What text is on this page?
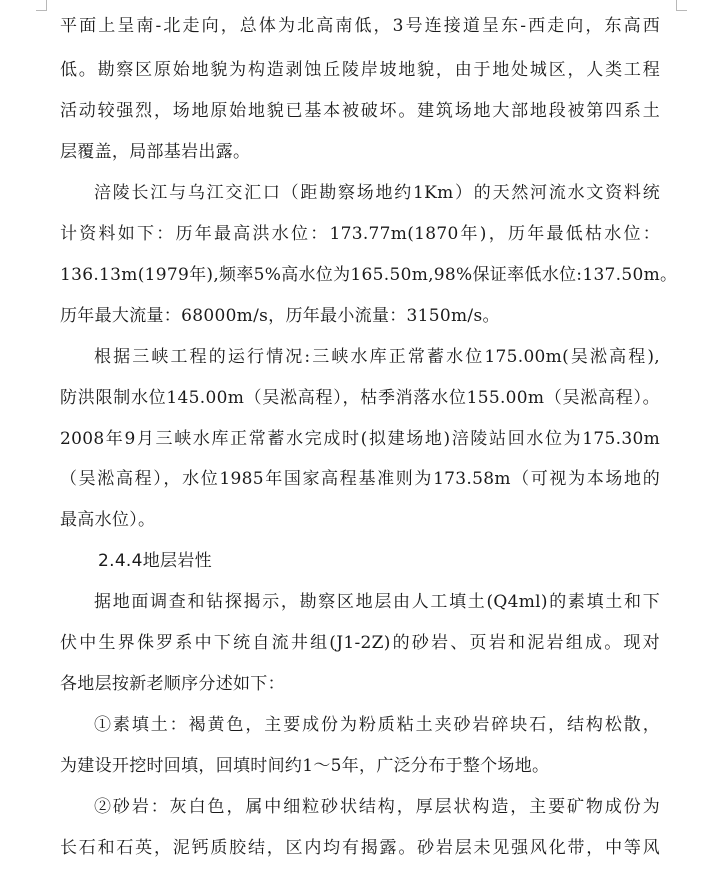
平面上呈南-北走向，总体为北高南低，3号连接道呈东-西走向，东高西
低。勘察区原始地貌为构造剥蚀丘陵岸坡地貌，由于地处城区，人类工程
活动较强烈，场地原始地貌已基本被破坏。建筑场地大部地段被第四系土
层覆盖，局部基岩出露。
涪陵长江与乌江交汇口（距勘察场地约1Km）的天然河流水文资料统
计资料如下：历年最高洪水位：173.77m(1870年)，历年最低枯水位：
136.13m(1979年),频率5%高水位为165.50m,98%保证率低水位:137.50m。
历年最大流量：68000m/s，历年最小流量：3150m/s。
根据三峡工程的运行情况:三峡水库正常蓄水位175.00m(吴淞高程),
防洪限制水位145.00m（吴淞高程），枯季消落水位155.00m（吴淞高程）。
2008年9月三峡水库正常蓄水完成时(拟建场地)涪陵站回水位为175.30m
（吴淞高程），水位1985年国家高程基准则为173.58m（可视为本场地的
最高水位）。
2.4.4地层岩性
据地面调查和钻探揭示，勘察区地层由人工填土(Q4ml)的素填土和下
伏中生界侏罗系中下统自流井组(J1-2Z)的砂岩、页岩和泥岩组成。现对
各地层按新老顺序分述如下：
①素填土：褐黄色，主要成份为粉质粘土夹砂岩碎块石，结构松散，
为建设开挖时回填，回填时间约1～5年，广泛分布于整个场地。
②砂岩：灰白色，属中细粒砂状结构，厚层状构造，主要矿物成份为
长石和石英，泥钙质胶结，区内均有揭露。砂岩层未见强风化带，中等风
